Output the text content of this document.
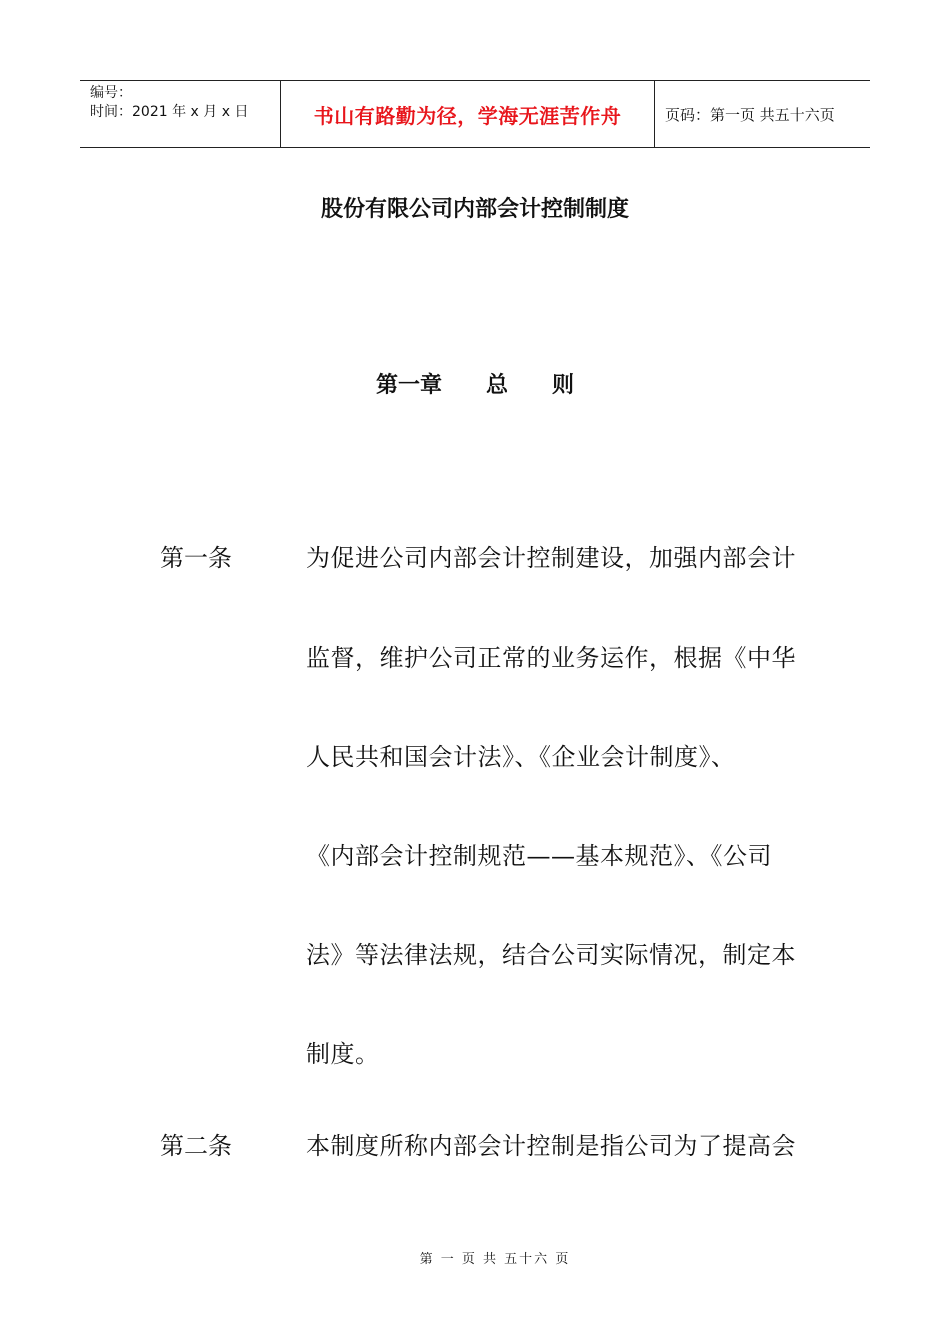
编号：
时间：2021 年 x 月 x 日	书山有路勤为径，学海无涯苦作舟	页码：第一页 共五十六页
股份有限公司内部会计控制制度
第一章　　总　　则
第一条	为促进公司内部会计控制建设，加强内部会计
监督，维护公司正常的业务运作，根据《中华
人民共和国会计法》、《企业会计制度》、
《内部会计控制规范——基本规范》、《公司
法》等法律法规，结合公司实际情况，制定本
制度。
第二条	本制度所称内部会计控制是指公司为了提高会
第 一 页 共 五十六 页
